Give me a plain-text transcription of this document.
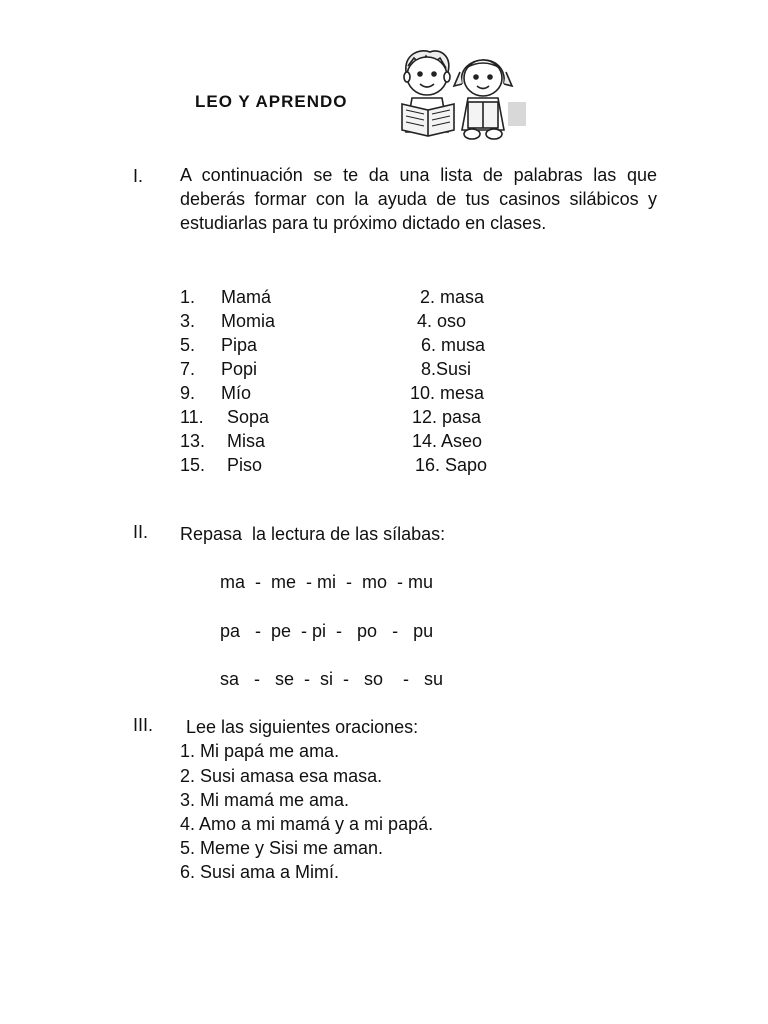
LEO Y APRENDO
I. A continuación se te da una lista de palabras las que deberás formar con la ayuda de tus casinos silábicos y estudiarlas para tu próximo dictado en clases.
1. Mamá
3. Momia
5. Pipa
7. Popi
9. Mío
11. Sopa
13. Misa
15. Piso
2. masa
4. oso
6. musa
8.Susi
10. mesa
12. pasa
14. Aseo
16. Sapo
II. Repasa  la lectura de las sílabas:
ma  -  me  - mi  -  mo  - mu
pa   -  pe  - pi  -   po   -   pu
sa   -   se  -  si  -   so    -   su
III. Lee las siguientes oraciones:
1. Mi papá me ama.
2. Susi amasa esa masa.
3. Mi mamá me ama.
4. Amo a mi mamá y a mi papá.
5. Meme y Sisi me aman.
6. Susi ama a Mimí.
